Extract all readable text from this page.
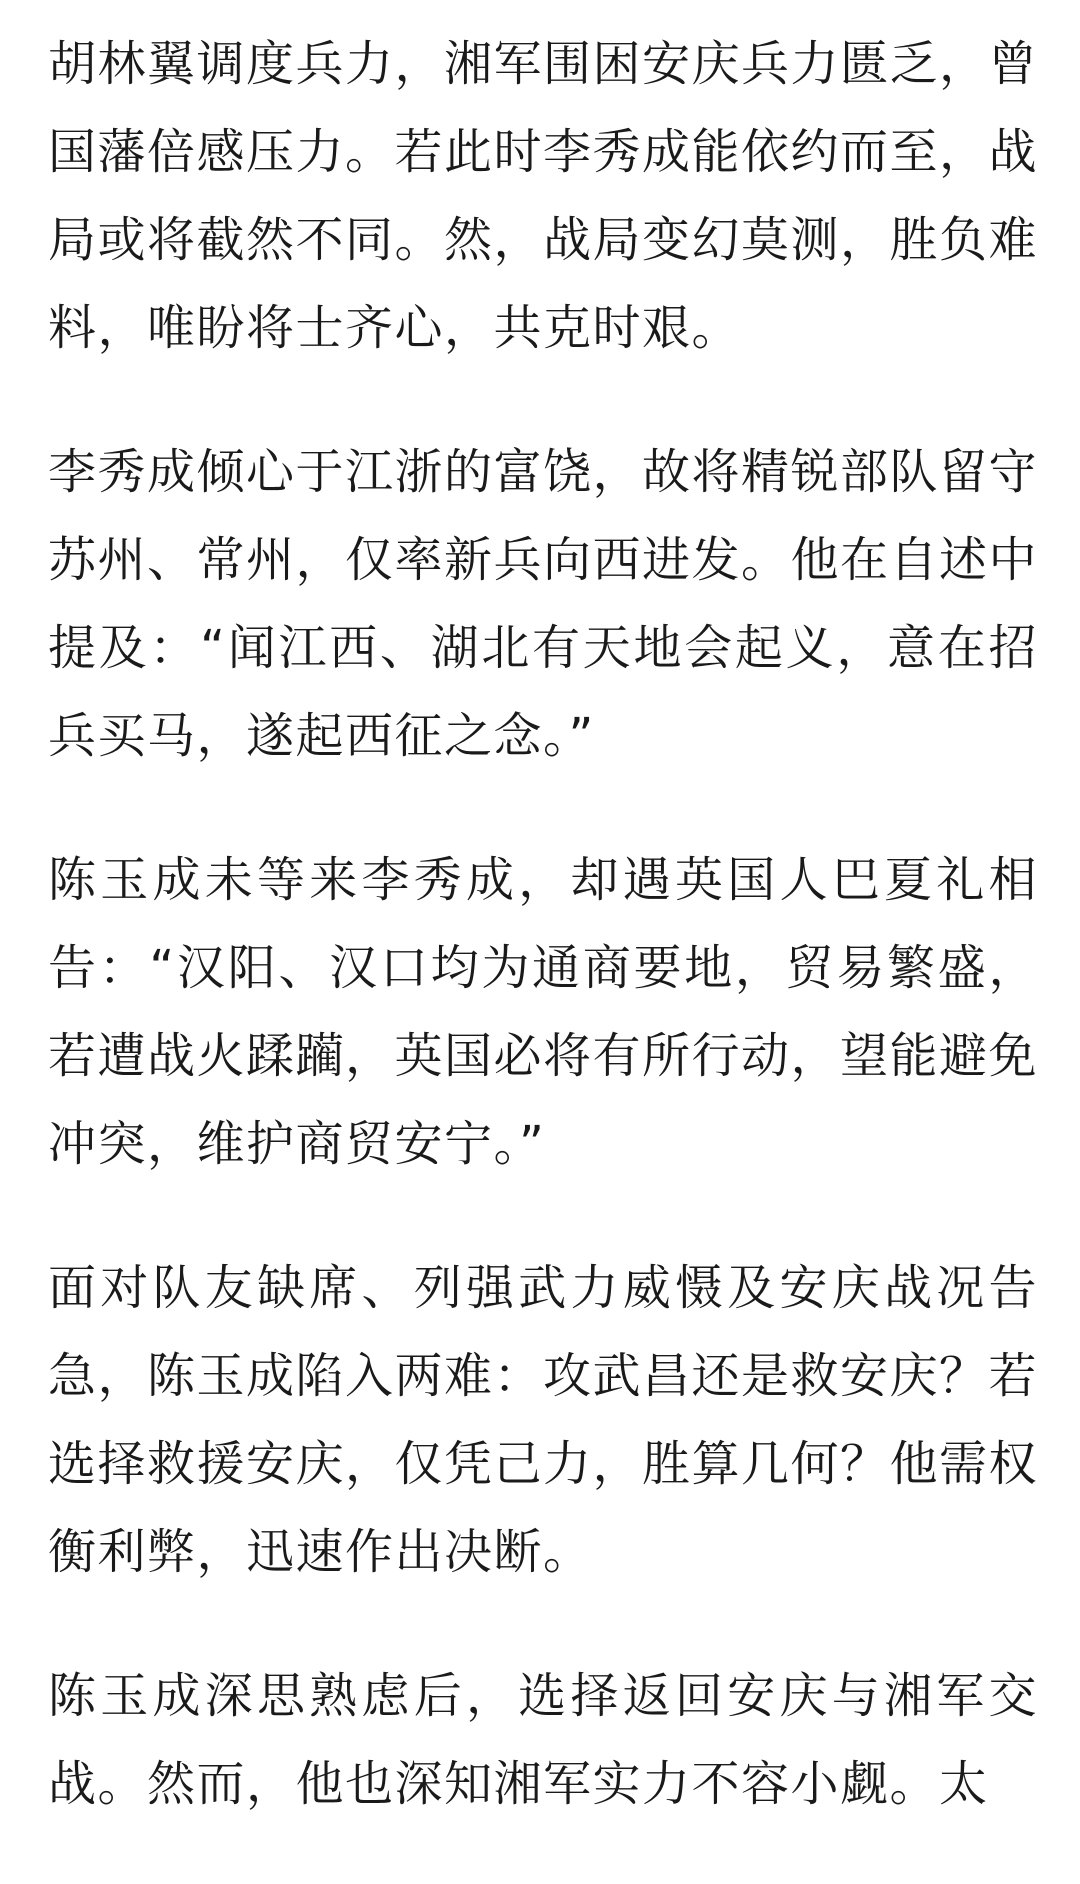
胡林翼调度兵力，湘军围困安庆兵力匮乏，曾国藩倍感压力。若此时李秀成能依约而至，战局或将截然不同。然，战局变幻莫测，胜负难料，唯盼将士齐心，共克时艰。

李秀成倾心于江浙的富饶，故将精锐部队留守苏州、常州，仅率新兵向西进发。他在自述中提及：“闻江西、湖北有天地会起义，意在招兵买马，遂起西征之念。”

陈玉成未等来李秀成，却遇英国人巴夏礼相告：“汉阳、汉口均为通商要地，贸易繁盛，若遭战火蹂躏，英国必将有所行动，望能避免冲突，维护商贸安宁。”

面对队友缺席、列强武力威慑及安庆战况告急，陈玉成陷入两难：攻武昌还是救安庆？若选择救援安庆，仅凭己力，胜算几何？他需权衡利弊，迅速作出决断。

陈玉成深思熟虑后，选择返回安庆与湘军交战。然而，他也深知湘军实力不容小觑。太
